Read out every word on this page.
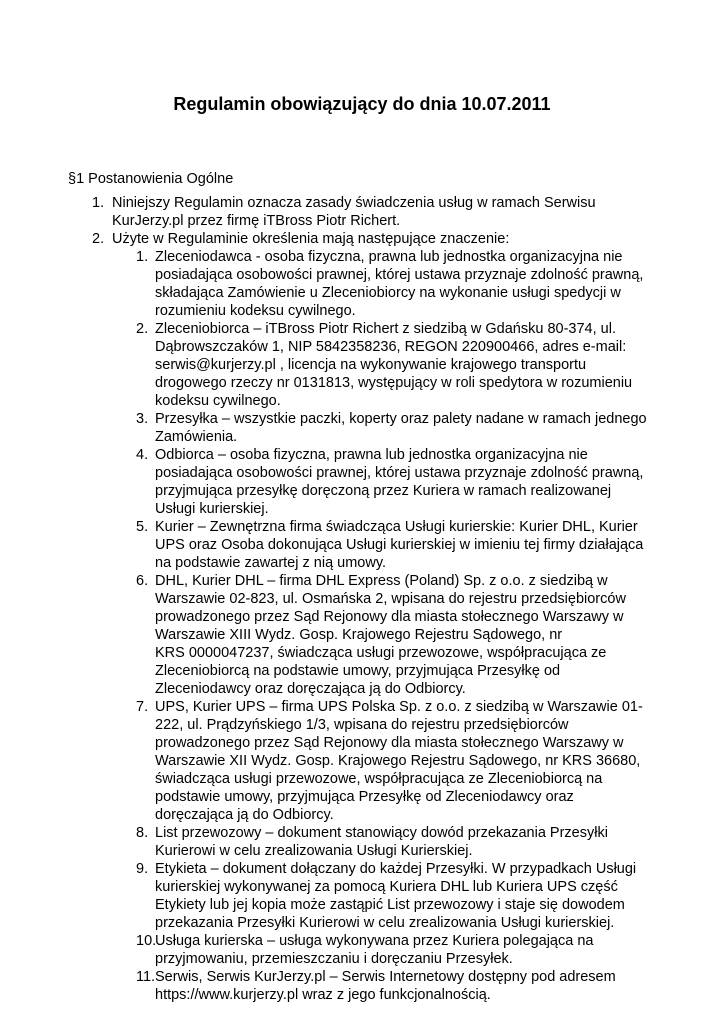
Regulamin obowiązujący do dnia 10.07.2011

§1 Postanowienia Ogólne

1. Niniejszy Regulamin oznacza zasady świadczenia usług w ramach Serwisu
KurJerzy.pl przez firmę iTBross Piotr Richert.
2. Użyte w Regulaminie określenia mają następujące znaczenie:
1. Zleceniodawca - osoba fizyczna, prawna lub jednostka organizacyjna nie
posiadająca osobowości prawnej, której ustawa przyznaje zdolność prawną,
składająca Zamówienie u Zleceniobiorcy na wykonanie usługi spedycji w
rozumieniu kodeksu cywilnego.
2. Zleceniobiorca – iTBross Piotr Richert z siedzibą w Gdańsku 80-374, ul.
Dąbrowszczaków 1, NIP 5842358236, REGON 220900466, adres e-mail:
serwis@kurjerzy.pl , licencja na wykonywanie krajowego transportu
drogowego rzeczy nr 0131813, występujący w roli spedytora w rozumieniu
kodeksu cywilnego.
3. Przesyłka – wszystkie paczki, koperty oraz palety nadane w ramach jednego
Zamówienia.
4. Odbiorca – osoba fizyczna, prawna lub jednostka organizacyjna nie
posiadająca osobowości prawnej, której ustawa przyznaje zdolność prawną,
przyjmująca przesyłkę doręczoną przez Kuriera w ramach realizowanej
Usługi kurierskiej.
5. Kurier – Zewnętrzna firma świadcząca Usługi kurierskie: Kurier DHL, Kurier
UPS oraz Osoba dokonująca Usługi kurierskiej w imieniu tej firmy działająca
na podstawie zawartej z nią umowy.
6. DHL, Kurier DHL – firma DHL Express (Poland) Sp. z o.o. z siedzibą w
Warszawie 02-823, ul. Osmańska 2, wpisana do rejestru przedsiębiorców
prowadzonego przez Sąd Rejonowy dla miasta stołecznego Warszawy w
Warszawie XIII Wydz. Gosp. Krajowego Rejestru Sądowego, nr
KRS 0000047237, świadcząca usługi przewozowe, współpracująca ze
Zleceniobiorcą na podstawie umowy, przyjmująca Przesyłkę od
Zleceniodawcy oraz doręczająca ją do Odbiorcy.
7. UPS, Kurier UPS – firma UPS Polska Sp. z o.o. z siedzibą w Warszawie 01-
222, ul. Prądzyńskiego 1/3, wpisana do rejestru przedsiębiorców
prowadzonego przez Sąd Rejonowy dla miasta stołecznego Warszawy w
Warszawie XII Wydz. Gosp. Krajowego Rejestru Sądowego, nr KRS 36680,
świadcząca usługi przewozowe, współpracująca ze Zleceniobiorcą na
podstawie umowy, przyjmująca Przesyłkę od Zleceniodawcy oraz
doręczająca ją do Odbiorcy.
8. List przewozowy – dokument stanowiący dowód przekazania Przesyłki
Kurierowi w celu zrealizowania Usługi Kurierskiej.
9. Etykieta – dokument dołączany do każdej Przesyłki. W przypadkach Usługi
kurierskiej wykonywanej za pomocą Kuriera DHL lub Kuriera UPS część
Etykiety lub jej kopia może zastąpić List przewozowy i staje się dowodem
przekazania Przesyłki Kurierowi w celu zrealizowania Usługi kurierskiej.
10.
Usługa kurierska – usługa wykonywana przez Kuriera polegająca na
przyjmowaniu, przemieszczaniu i doręczaniu Przesyłek.
11. Serwis, Serwis KurJerzy.pl – Serwis Internetowy dostępny pod adresem
https://www.kurjerzy.pl wraz z jego funkcjonalnością.
